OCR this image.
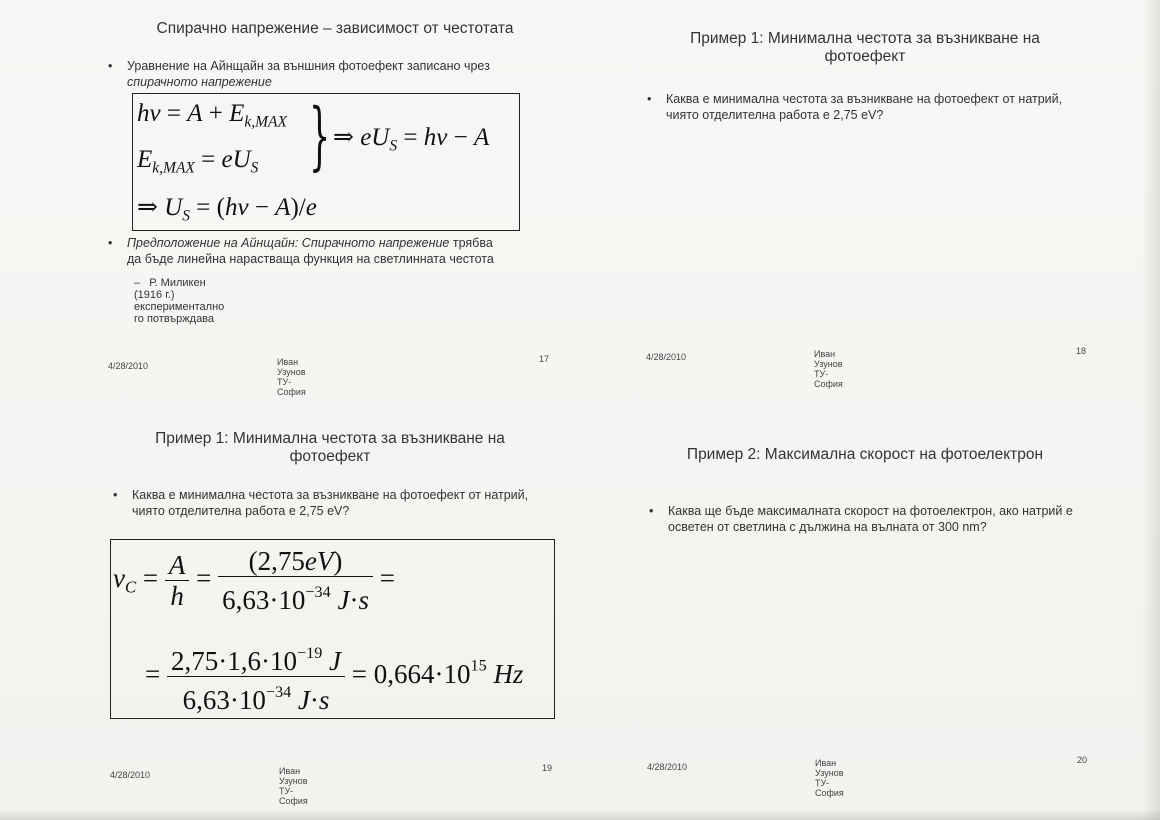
Спирачно напрежение – зависимост от честотата
• Уравнение на Айнщайн за външния фотоефект записано чрез
спирачното напрежение
$h\nu = A + E_{k,MAX}$
$E_{k,MAX} = eU_S$ } ⇒ $eU_S = h\nu - A$
⇒ $U_S = (h\nu - A)/e$
• Предположение на Айнщайн: Спирачното напрежение трябва
да бъде линейна нарастваща функция на светлинната честота
– Р. Миликен (1916 г.) експериментално го потвърждава
4/28/2010	Иван Узунов ТУ-София
17
Пример 1: Минимална честота за възникване на фотоефект
• Каква е минимална честота за възникване на фотоефект от натрий, чиято отделителна работа е 2,75 eV?
4/28/2010	Иван Узунов ТУ-София
18
Пример 1: Минимална честота за възникване на фотоефект
• Каква е минимална честота за възникване на фотоефект от натрий, чиято отделителна работа е 2,75 eV?
$\nu_C = \frac{A}{h} = \frac{(2,75eV)}{6,63\cdot 10^{-34} J\cdot s}$ =
= $\frac{2,75\cdot 1,6\cdot 10^{-19} J}{6,63\cdot 10^{-34} J\cdot s} = 0,664\cdot 10^{15}$ Hz
4/28/2010	Иван Узунов ТУ-София
19
Пример 2: Максимална скорост на фотоелектрон
• Каква ще бъде максималната скорост на фотоелектрон, ако натрий е осветен от светлина с дължина на вълната от 300 nm?
4/28/2010	Иван Узунов ТУ-София
20
